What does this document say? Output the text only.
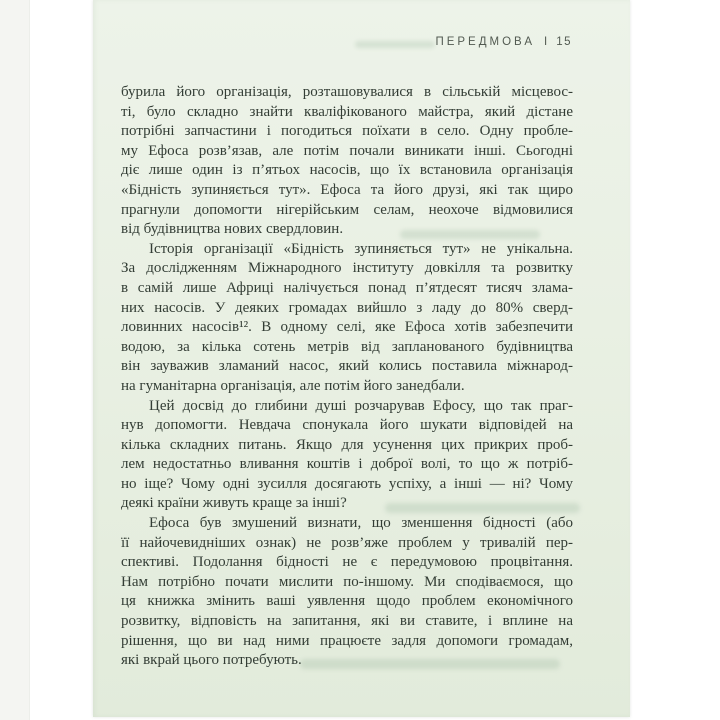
ПЕРЕДМОВА І 15
бурила його організація, розташовувалися в сільській місцевос-
ті, було складно знайти кваліфікованого майстра, який дістане
потрібні запчастини і погодиться поїхати в село. Одну пробле-
му Ефоса розв’язав, але потім почали виникати інші. Сьогодні
діє лише один із п’ятьох насосів, що їх встановила організація
«Бідність зупиняється тут». Ефоса та його друзі, які так щиро
прагнули допомогти нігерійським селам, неохоче відмовилися
від будівництва нових свердловин.
Історія організації «Бідність зупиняється тут» не унікальна.
За дослідженням Міжнародного інституту довкілля та розвитку
в самій лише Африці налічується понад п’ятдесят тисяч злама-
них насосів. У деяких громадах вийшло з ладу до 80% сверд-
ловинних насосів¹². В одному селі, яке Ефоса хотів забезпечити
водою, за кілька сотень метрів від запланованого будівництва
він зауважив зламаний насос, який колись поставила міжнарод-
на гуманітарна організація, але потім його занедбали.
Цей досвід до глибини душі розчарував Ефосу, що так праг-
нув допомогти. Невдача спонукала його шукати відповідей на
кілька складних питань. Якщо для усунення цих прикрих проб-
лем недостатньо вливання коштів і доброї волі, то що ж потріб-
но іще? Чому одні зусилля досягають успіху, а інші — ні? Чому
деякі країни живуть краще за інші?
Ефоса був змушений визнати, що зменшення бідності (або
її найочевидніших ознак) не розв’яже проблем у тривалій пер-
спективі. Подолання бідності не є передумовою процвітання.
Нам потрібно почати мислити по-іншому. Ми сподіваємося, що
ця книжка змінить ваші уявлення щодо проблем економічного
розвитку, відповість на запитання, які ви ставите, і вплине на
рішення, що ви над ними працюєте задля допомоги громадам,
які вкрай цього потребують.
